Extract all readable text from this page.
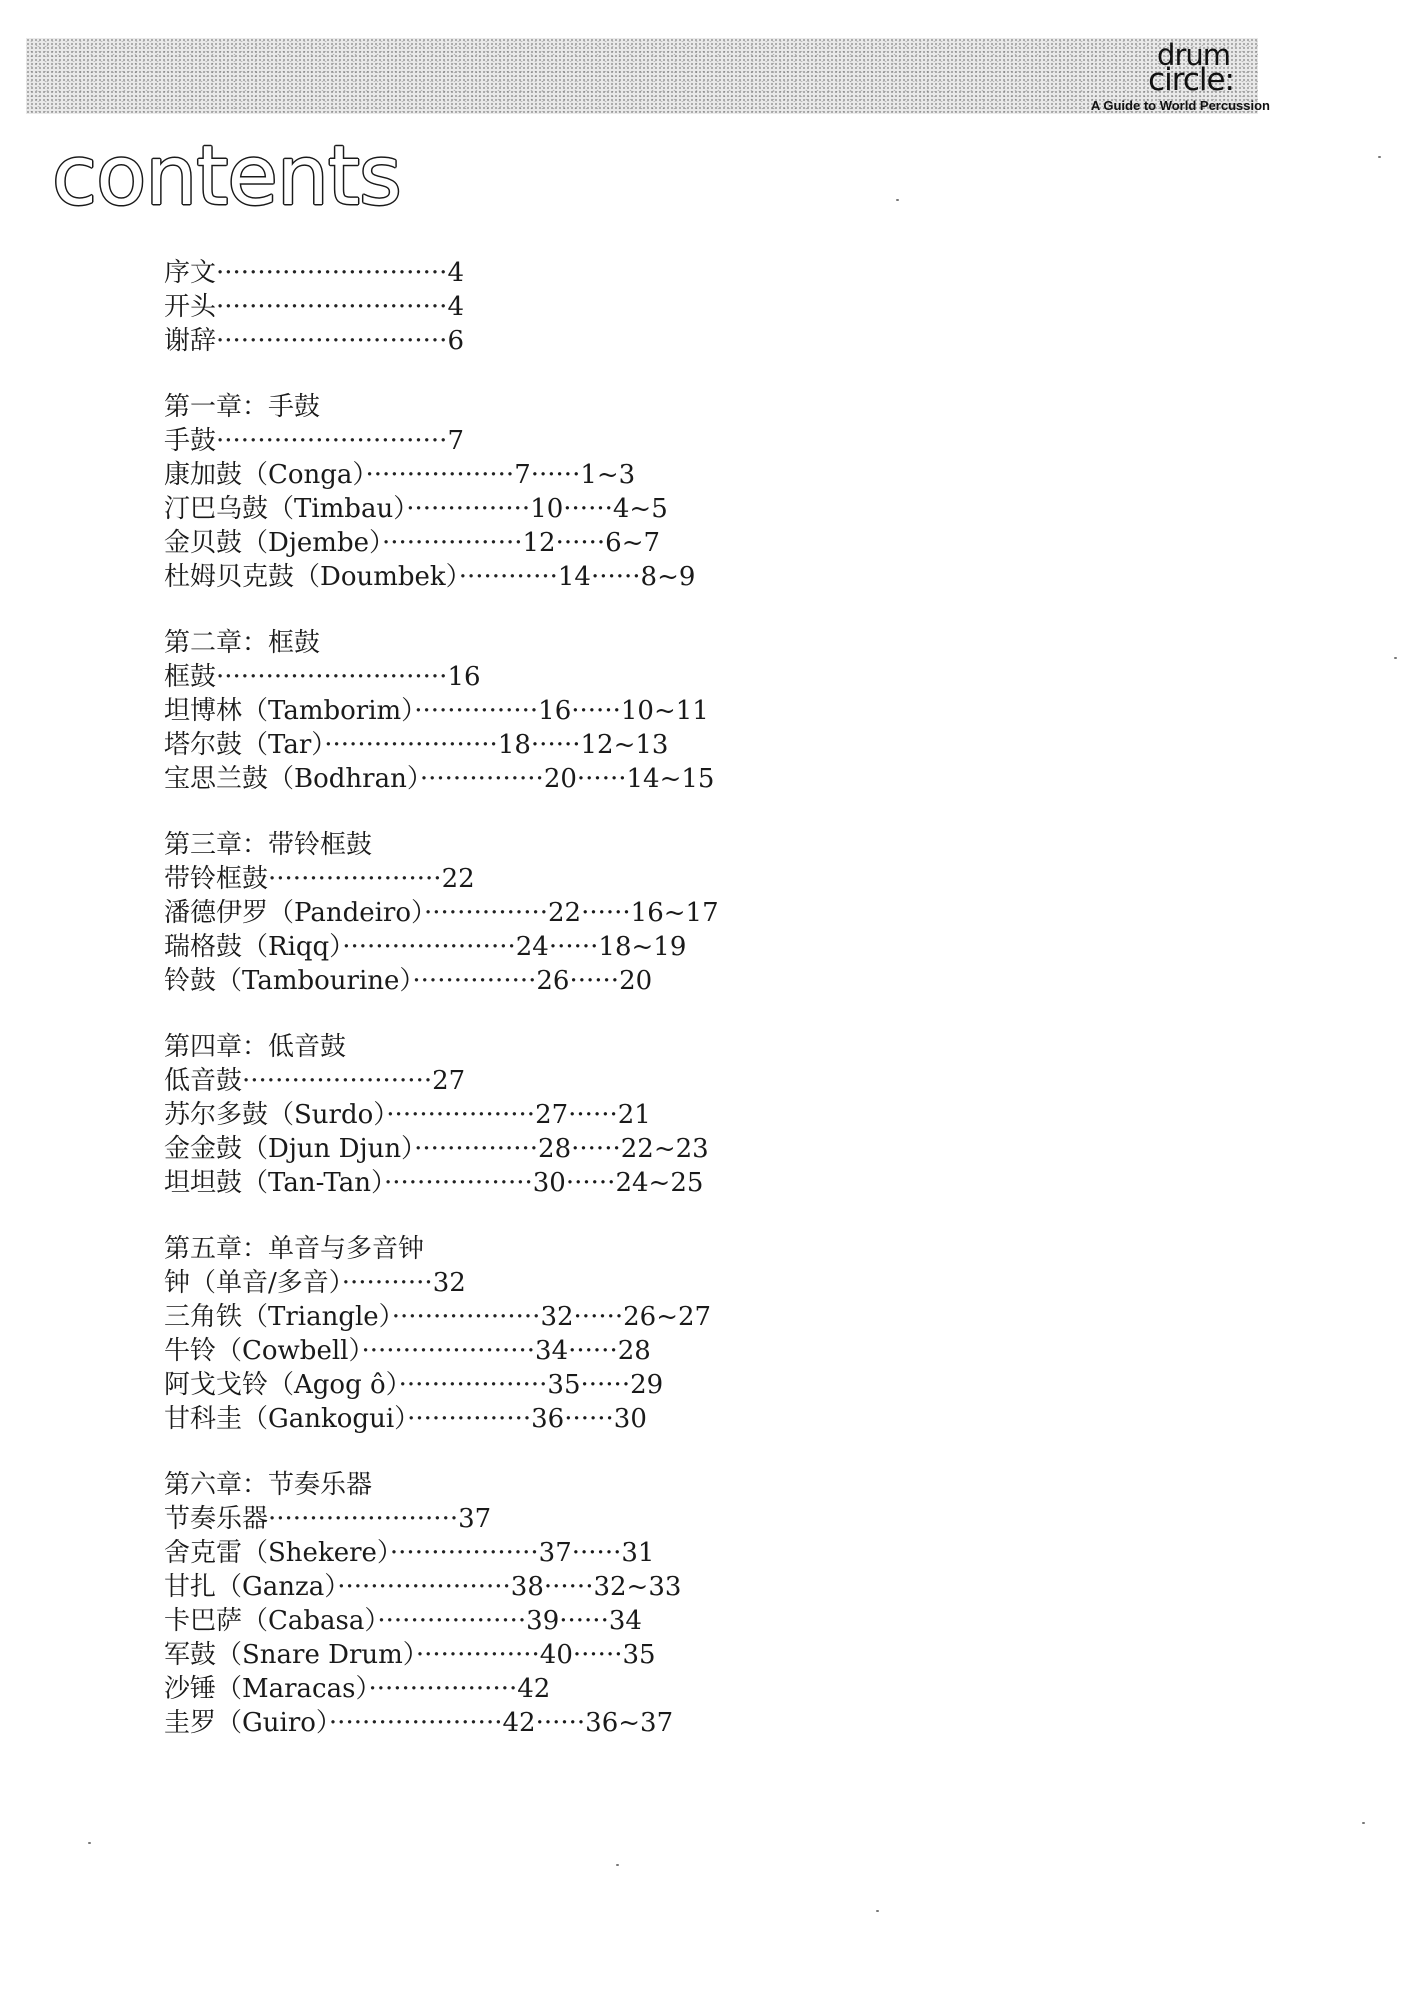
drum
circle:
A Guide to World Percussion
contents
序文····························4
开头····························4
谢辞····························6
第一章：手鼓
手鼓····························7
康加鼓（Conga）··················7······1~3
汀巴乌鼓（Timbau）···············10······4~5
金贝鼓（Djembe）·················12······6~7
杜姆贝克鼓（Doumbek）············14······8~9
第二章：框鼓
框鼓····························16
坦博林（Tamborim）···············16······10~11
塔尔鼓（Tar）·····················18······12~13
宝思兰鼓（Bodhran）···············20······14~15
第三章：带铃框鼓
带铃框鼓·····················22
潘德伊罗（Pandeiro）···············22······16~17
瑞格鼓（Riqq）·····················24······18~19
铃鼓（Tambourine）···············26······20
第四章：低音鼓
低音鼓·······················27
苏尔多鼓（Surdo）··················27······21
金金鼓（Djun Djun）···············28······22~23
坦坦鼓（Tan-Tan）··················30······24~25
第五章：单音与多音钟
钟（单音/多音）···········32
三角铁（Triangle）··················32······26~27
牛铃（Cowbell）·····················34······28
阿戈戈铃（Agog ô）··················35······29
甘科圭（Gankogui）···············36······30
第六章：节奏乐器
节奏乐器·······················37
舍克雷（Shekere）··················37······31
甘扎（Ganza）·····················38······32~33
卡巴萨（Cabasa）··················39······34
军鼓（Snare Drum）···············40······35
沙锤（Maracas）··················42
圭罗（Guiro）·····················42······36~37
